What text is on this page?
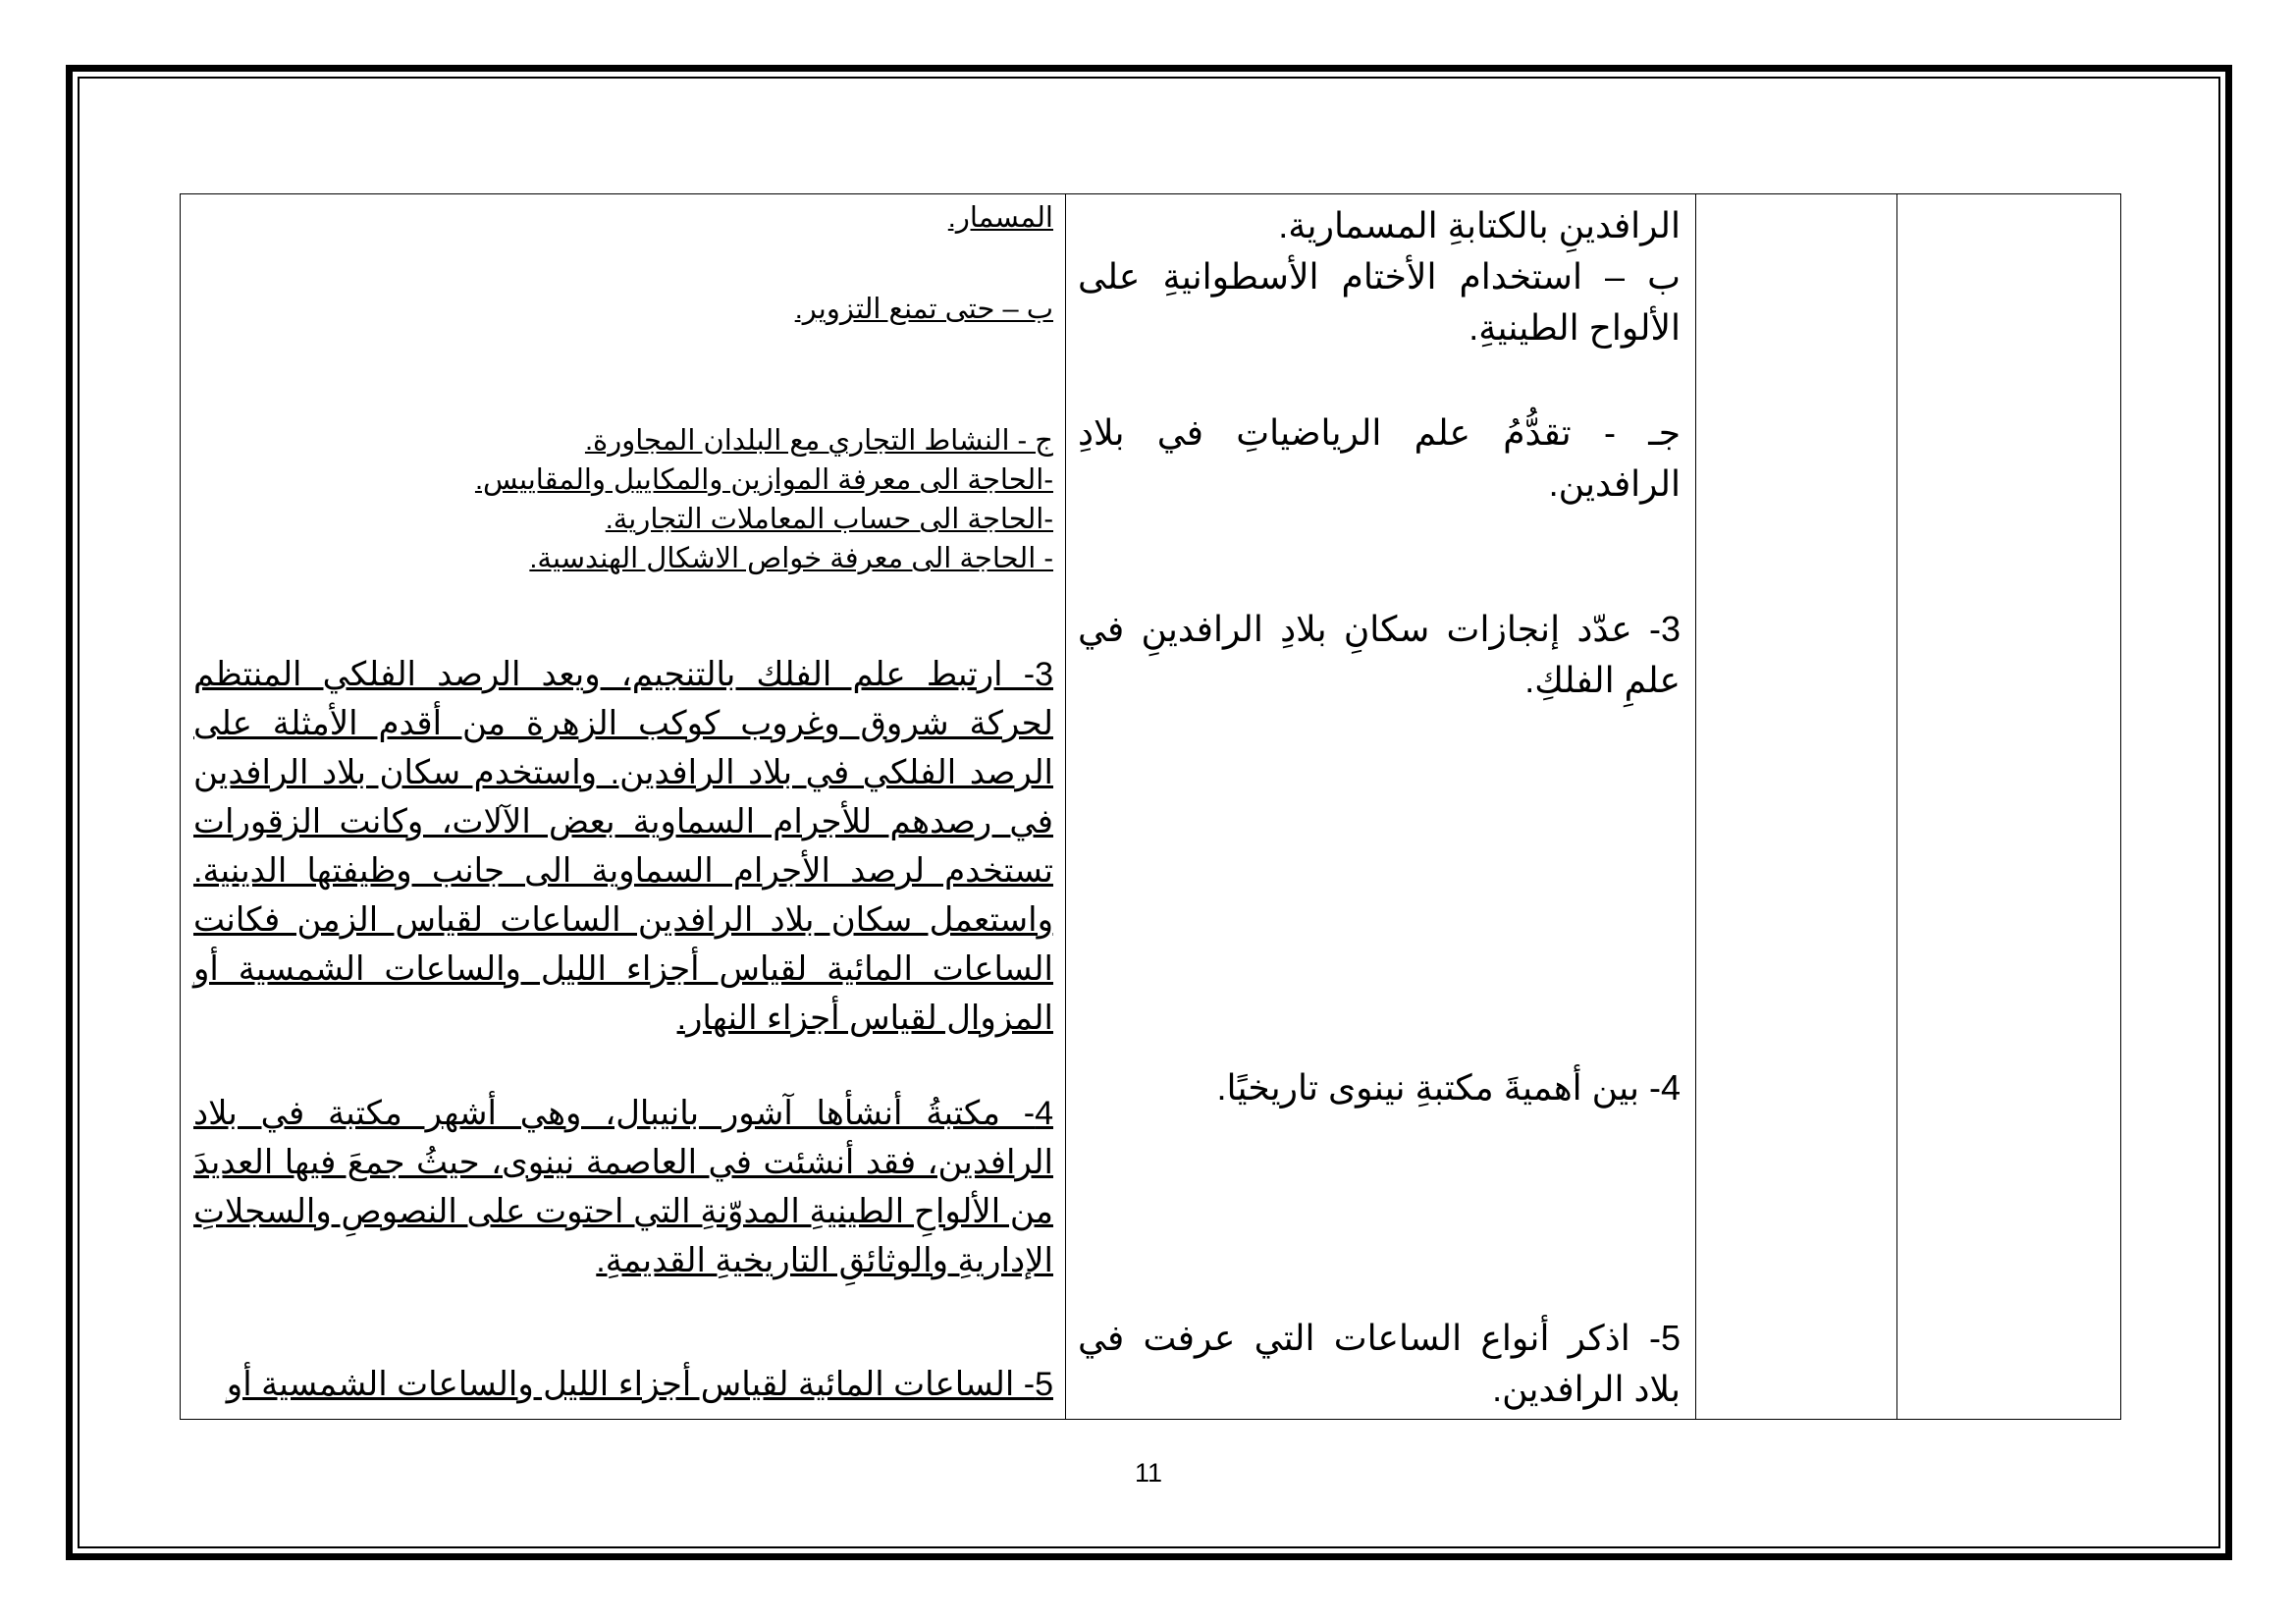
الرافدينِ بالكتابةِ المسمارية.
ب – استخدام الأختام الأسطوانيةِ على الألواح الطينيةِ.
جـ - تقدُّمُ علم الرياضياتِ في بلادِ الرافدين.
3- عدّد إنجازات سكانِ بلادِ الرافدينِ في علمِ الفلكِ.
4- بين أهميةَ مكتبةِ نينوى تاريخيًا.
5- اذكر أنواع الساعات التي عرفت في بلاد الرافدين.
المسمار.
ب – حتى تمنع التزوير.
ج - النشاط التجاري مع البلدان المجاورة.
-الحاجة الى معرفة الموازين والمكاييل والمقاييس.
-الحاجة الى حساب المعاملات التجارية.
- الحاجة الى معرفة خواص الاشكال الهندسية.
3- ارتبط علم الفلك بالتنجيم، ويعد الرصد الفلكي المنتظم لحركة شروق وغروب كوكب الزهرة من أقدم الأمثلة على الرصد الفلكي في بلاد الرافدين. واستخدم سكان بلاد الرافدين في رصدهم للأجرام السماوية بعض الآلات، وكانت الزقورات تستخدم لرصد الأجرام السماوية الى جانب وظيفتها الدينية. واستعمل سكان بلاد الرافدين الساعات لقياس الزمن فكانت الساعات المائية لقياس أجزاء الليل والساعات الشمسية أو المزوال لقياس أجزاء النهار.
4- مكتبةُ أنشأها آشور بانيبال، وهي أشهر مكتبة في بلاد الرافدين، فقد أنشئت في العاصمة نينوى، حيثُ جمعَ فيها العديدَ من الألواحِ الطينيةِ المدوّنةِ التي احتوت على النصوصِ والسجلاتِ الإداريةِ والوثائقِ التاريخيةِ القديمةِ.
5- الساعات المائية لقياس أجزاء الليل والساعات الشمسية أو
11
